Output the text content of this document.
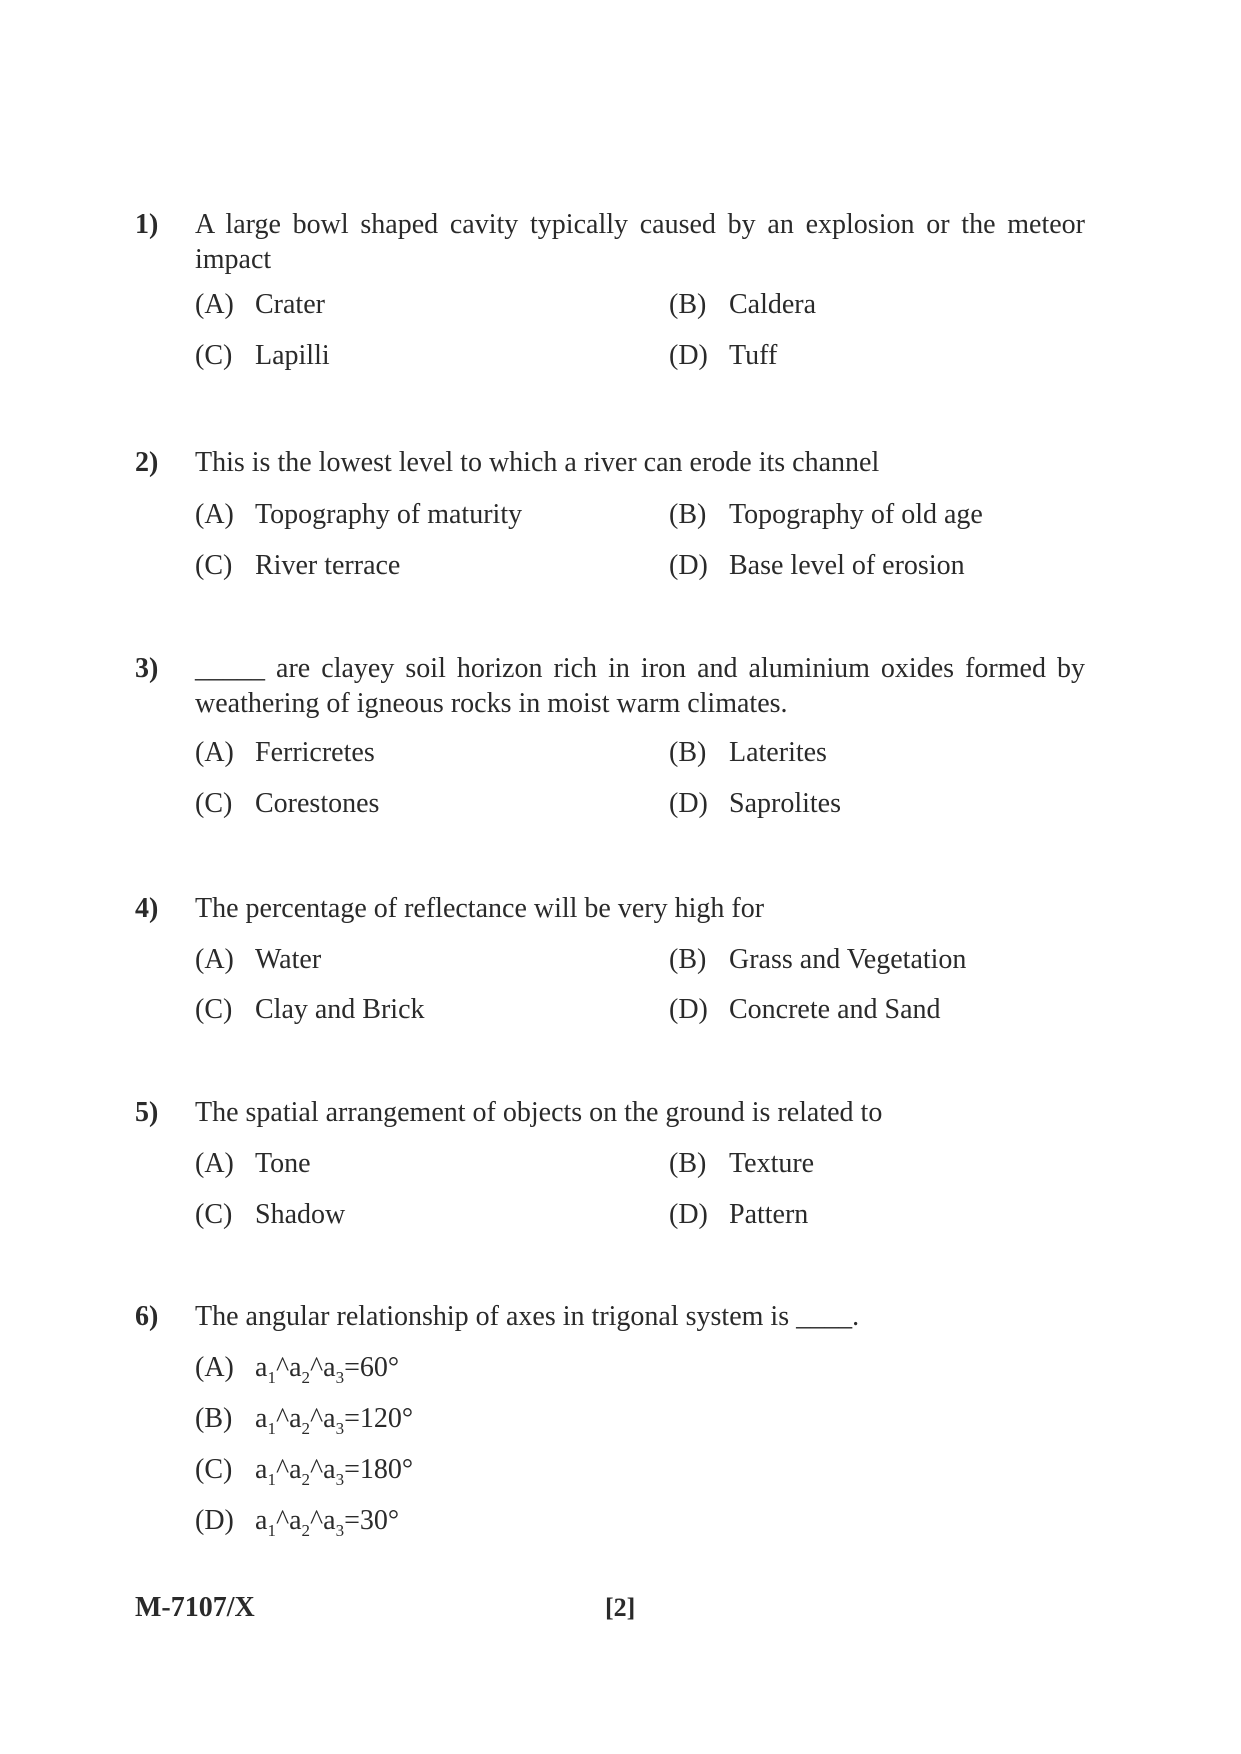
1) A large bowl shaped cavity typically caused by an explosion or the meteor impact
(A) Crater	(B) Caldera
(C) Lapilli	(D) Tuff
2) This is the lowest level to which a river can erode its channel
(A) Topography of maturity	(B) Topography of old age
(C) River terrace	(D) Base level of erosion
3) _____ are clayey soil horizon rich in iron and aluminium oxides formed by weathering of igneous rocks in moist warm climates.
(A) Ferricretes	(B) Laterites
(C) Corestones	(D) Saprolites
4) The percentage of reflectance will be very high for
(A) Water	(B) Grass and Vegetation
(C) Clay and Brick	(D) Concrete and Sand
5) The spatial arrangement of objects on the ground is related to
(A) Tone	(B) Texture
(C) Shadow	(D) Pattern
6) The angular relationship of axes in trigonal system is ____.
(A) $a_1\^{}a_2\^{}a_3=60^\circ$
(B) $a_1\^{}a_2\^{}a_3=120^\circ$
(C) $a_1\^{}a_2\^{}a_3=180^\circ$
(D) $a_1\^{}a_2\^{}a_3=30^\circ$
M-7107/X	[2]
